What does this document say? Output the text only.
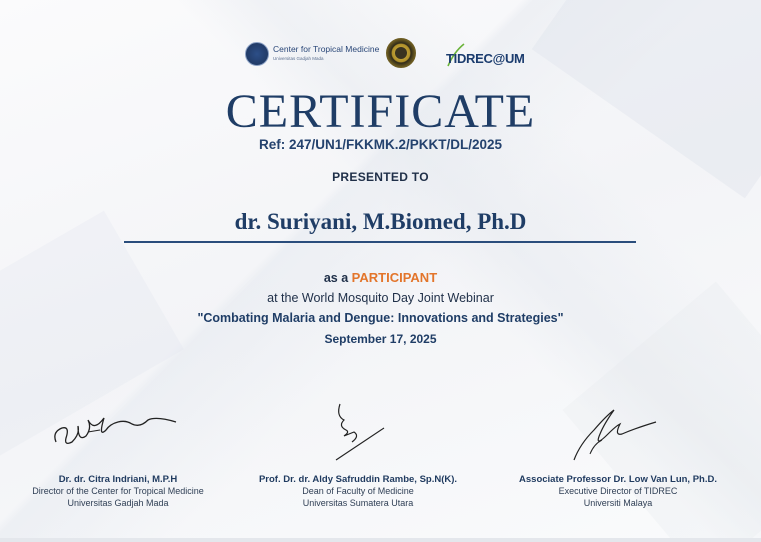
Center for Tropical Medicine
Universitas Gadjah Mada	TIDREC@UM
CERTIFICATE
Ref: 247/UN1/FKKMK.2/PKKT/DL/2025
PRESENTED TO
dr. Suriyani, M.Biomed, Ph.D
as a PARTICIPANT
at the World Mosquito Day Joint Webinar
"Combating Malaria and Dengue: Innovations and Strategies"
September 17, 2025
Dr. dr. Citra Indriani, M.P.H
Director of the Center for Tropical Medicine
Universitas Gadjah Mada
Prof. Dr. dr. Aldy Safruddin Rambe, Sp.N(K).
Dean of Faculty of Medicine
Universitas Sumatera Utara
Associate Professor Dr. Low Van Lun, Ph.D.
Executive Director of TIDREC
Universiti Malaya
